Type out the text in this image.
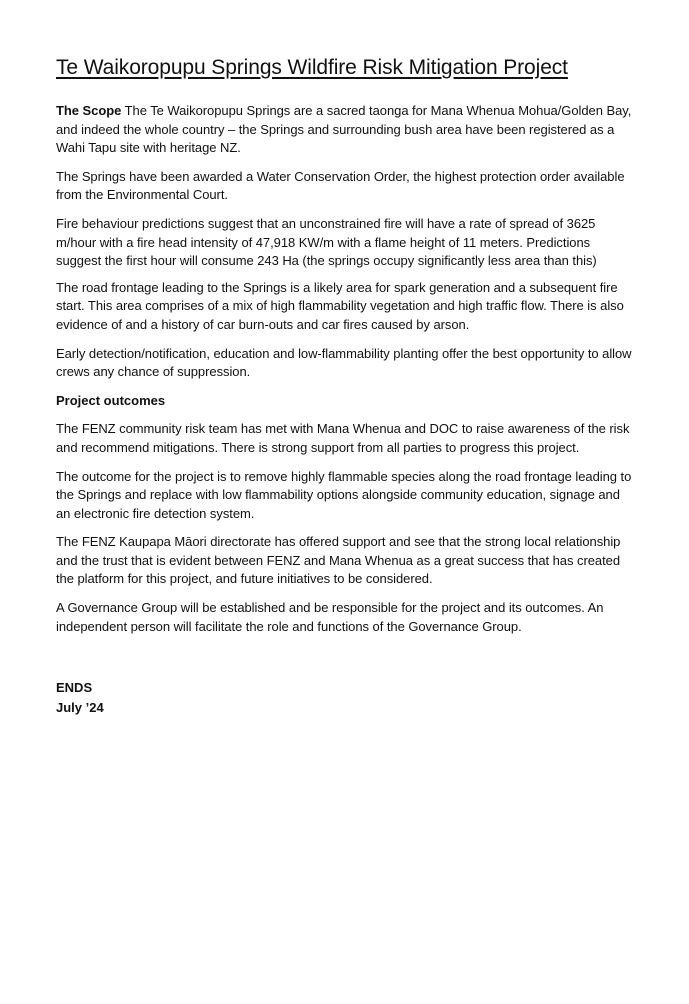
Te Waikoropupu Springs Wildfire Risk Mitigation Project

The Scope The Te Waikoropupu Springs are a sacred taonga for Mana Whenua Mohua/Golden Bay, and indeed the whole country – the Springs and surrounding bush area have been registered as a Wahi Tapu site with heritage NZ.

The Springs have been awarded a Water Conservation Order, the highest protection order available from the Environmental Court.

Fire behaviour predictions suggest that an unconstrained fire will have a rate of spread of 3625 m/hour with a fire head intensity of 47,918 KW/m with a flame height of 11 meters. Predictions suggest the first hour will consume 243 Ha (the springs occupy significantly less area than this)

The road frontage leading to the Springs is a likely area for spark generation and a subsequent fire start. This area comprises of a mix of high flammability vegetation and high traffic flow. There is also evidence of and a history of car burn-outs and car fires caused by arson.

Early detection/notification, education and low-flammability planting offer the best opportunity to allow crews any chance of suppression.

Project outcomes

The FENZ community risk team has met with Mana Whenua and DOC to raise awareness of the risk and recommend mitigations. There is strong support from all parties to progress this project.

The outcome for the project is to remove highly flammable species along the road frontage leading to the Springs and replace with low flammability options alongside community education, signage and an electronic fire detection system.

The FENZ Kaupapa Māori directorate has offered support and see that the strong local relationship and the trust that is evident between FENZ and Mana Whenua as a great success that has created the platform for this project, and future initiatives to be considered.

A Governance Group will be established and be responsible for the project and its outcomes. An independent person will facilitate the role and functions of the Governance Group.

ENDS
July ’24
